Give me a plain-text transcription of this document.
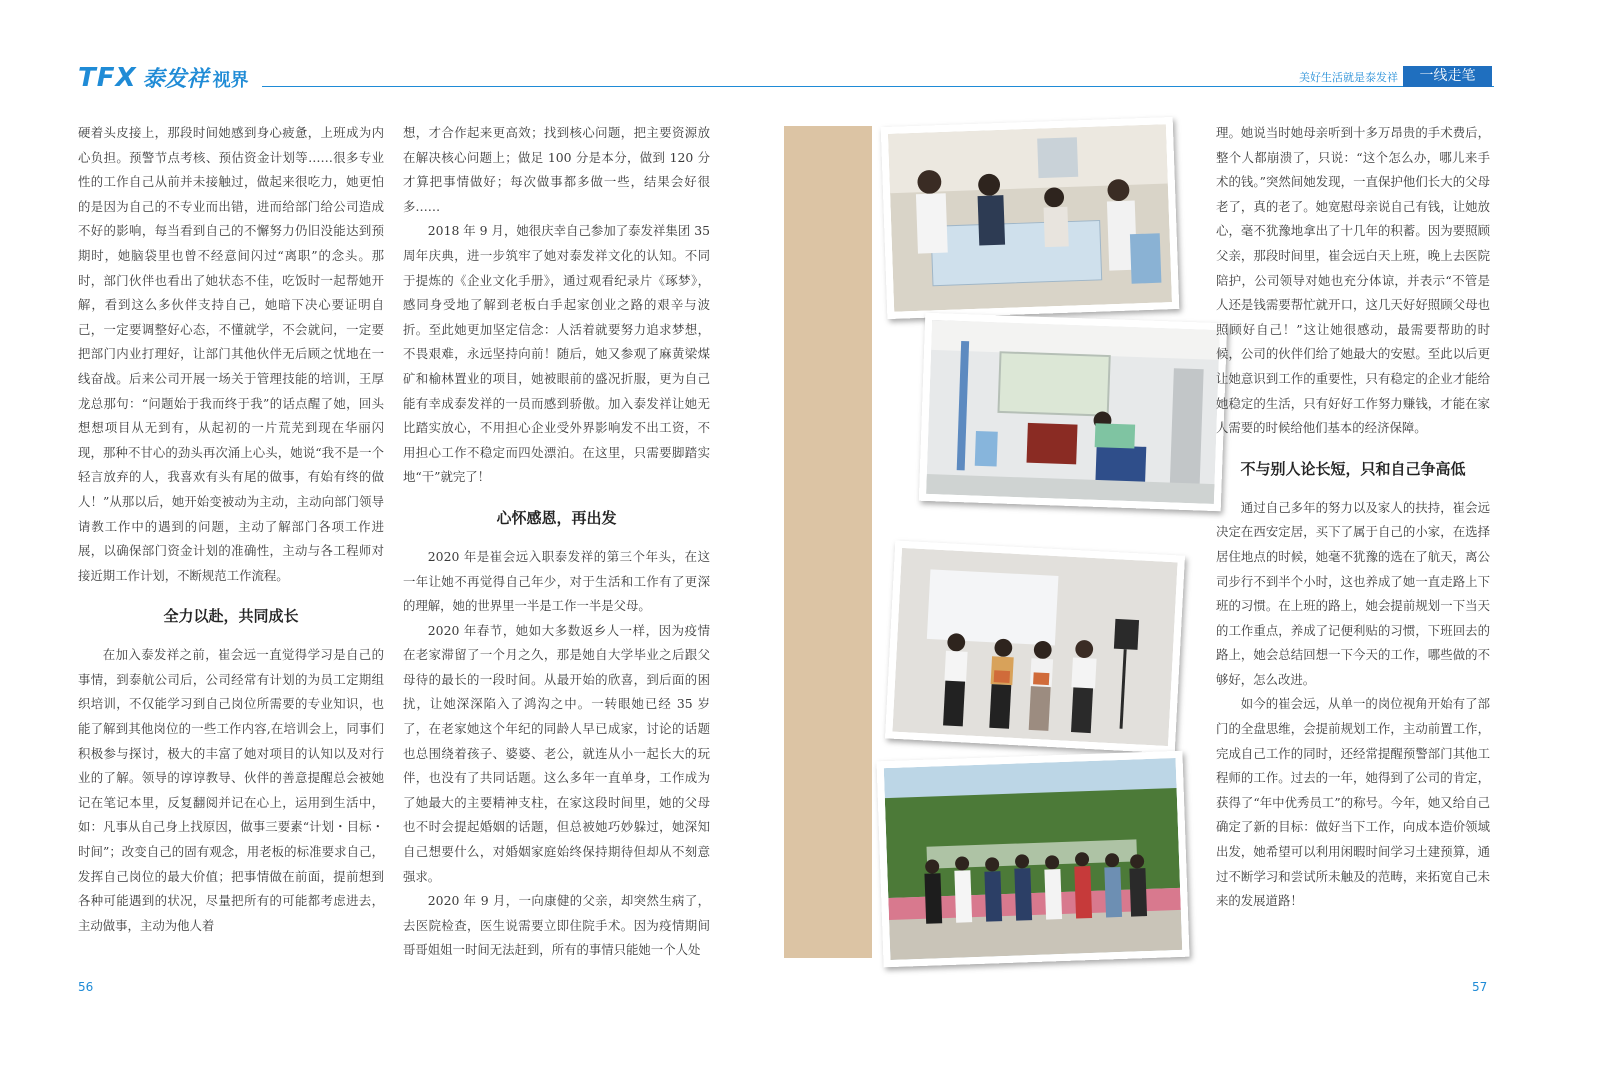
TFX 泰发祥 视界	美好生活就是泰发祥	一线走笔

硬着头皮接上，那段时间她感到身心疲惫，上班成为内心负担。预警节点考核、预估资金计划等……很多专业性的工作自己从前并未接触过，做起来很吃力，她更怕的是因为自己的不专业而出错，进而给部门给公司造成不好的影响，每当看到自己的不懈努力仍旧没能达到预期时，她脑袋里也曾不经意间闪过“离职”的念头。那时，部门伙伴也看出了她状态不佳，吃饭时一起帮她开解，看到这么多伙伴支持自己，她暗下决心要证明自己，一定要调整好心态，不懂就学，不会就问，一定要把部门内业打理好，让部门其他伙伴无后顾之忧地在一线奋战。后来公司开展一场关于管理技能的培训，王厚龙总那句：“问题始于我而终于我”的话点醒了她，回头想想项目从无到有，从起初的一片荒芜到现在华丽闪现，那种不甘心的劲头再次涌上心头，她说“我不是一个轻言放弃的人，我喜欢有头有尾的做事，有始有终的做人！”从那以后，她开始变被动为主动，主动向部门领导请教工作中的遇到的问题，主动了解部门各项工作进展，以确保部门资金计划的准确性，主动与各工程师对接近期工作计划，不断规范工作流程。

全力以赴，共同成长

在加入泰发祥之前，崔会远一直觉得学习是自己的事情，到泰航公司后，公司经常有计划的为员工定期组织培训，不仅能学习到自己岗位所需要的专业知识，也能了解到其他岗位的一些工作内容,在培训会上，同事们积极参与探讨，极大的丰富了她对项目的认知以及对行业的了解。领导的谆谆教导、伙伴的善意提醒总会被她记在笔记本里，反复翻阅并记在心上，运用到生活中，如：凡事从自己身上找原因，做事三要素“计划・目标・时间”；改变自己的固有观念，用老板的标准要求自己，发挥自己岗位的最大价值；把事情做在前面，提前想到各种可能遇到的状况，尽量把所有的可能都考虑进去，主动做事，主动为他人着

想，才合作起来更高效；找到核心问题，把主要资源放在解决核心问题上；做足 100 分是本分，做到 120 分才算把事情做好；每次做事都多做一些，结果会好很多……

2018 年 9 月，她很庆幸自己参加了泰发祥集团 35 周年庆典，进一步筑牢了她对泰发祥文化的认知。不同于提炼的《企业文化手册》，通过观看纪录片《琢梦》，感同身受地了解到老板白手起家创业之路的艰辛与波折。至此她更加坚定信念：人活着就要努力追求梦想，不畏艰难，永远坚持向前！随后，她又参观了麻黄梁煤矿和榆林置业的项目，她被眼前的盛况折服，更为自己能有幸成泰发祥的一员而感到骄傲。加入泰发祥让她无比踏实放心，不用担心企业受外界影响发不出工资，不用担心工作不稳定而四处漂泊。在这里，只需要脚踏实地“干”就完了！

心怀感恩，再出发

2020 年是崔会远入职泰发祥的第三个年头，在这一年让她不再觉得自己年少，对于生活和工作有了更深的理解，她的世界里一半是工作一半是父母。

2020 年春节，她如大多数返乡人一样，因为疫情在老家滞留了一个月之久，那是她自大学毕业之后跟父母待的最长的一段时间。从最开始的欣喜，到后面的困扰，让她深深陷入了鸿沟之中。一转眼她已经 35 岁了，在老家她这个年纪的同龄人早已成家，讨论的话题也总围绕着孩子、婆婆、老公，就连从小一起长大的玩伴，也没有了共同话题。这么多年一直单身，工作成为了她最大的主要精神支柱，在家这段时间里，她的父母也不时会提起婚姻的话题，但总被她巧妙躲过，她深知自己想要什么，对婚姻家庭始终保持期待但却从不刻意强求。

2020 年 9 月，一向康健的父亲，却突然生病了，去医院检查，医生说需要立即住院手术。因为疫情期间哥哥姐姐一时间无法赶到，所有的事情只能她一个人处

56

理。她说当时她母亲听到十多万昂贵的手术费后，整个人都崩溃了，只说：“这个怎么办，哪儿来手术的钱。”突然间她发现，一直保护他们长大的父母老了，真的老了。她宽慰母亲说自己有钱，让她放心，毫不犹豫地拿出了十几年的积蓄。因为要照顾父亲，那段时间里，崔会远白天上班，晚上去医院陪护，公司领导对她也充分体谅，并表示“不管是人还是钱需要帮忙就开口，这几天好好照顾父母也照顾好自己！”这让她很感动，最需要帮助的时候，公司的伙伴们给了她最大的安慰。至此以后更让她意识到工作的重要性，只有稳定的企业才能给她稳定的生活，只有好好工作努力赚钱，才能在家人需要的时候给他们基本的经济保障。

不与别人论长短，只和自己争高低

通过自己多年的努力以及家人的扶持，崔会远决定在西安定居，买下了属于自己的小家，在选择居住地点的时候，她毫不犹豫的选在了航天，离公司步行不到半个小时，这也养成了她一直走路上下班的习惯。在上班的路上，她会提前规划一下当天的工作重点，养成了记便利贴的习惯，下班回去的路上，她会总结回想一下今天的工作，哪些做的不够好，怎么改进。

如今的崔会远，从单一的岗位视角开始有了部门的全盘思维，会提前规划工作，主动前置工作，完成自己工作的同时，还经常提醒预警部门其他工程师的工作。过去的一年，她得到了公司的肯定，获得了“年中优秀员工”的称号。今年，她又给自己确定了新的目标：做好当下工作，向成本造价领域出发，她希望可以利用闲暇时间学习土建预算，通过不断学习和尝试所未触及的范畴，来拓宽自己未来的发展道路！

57
